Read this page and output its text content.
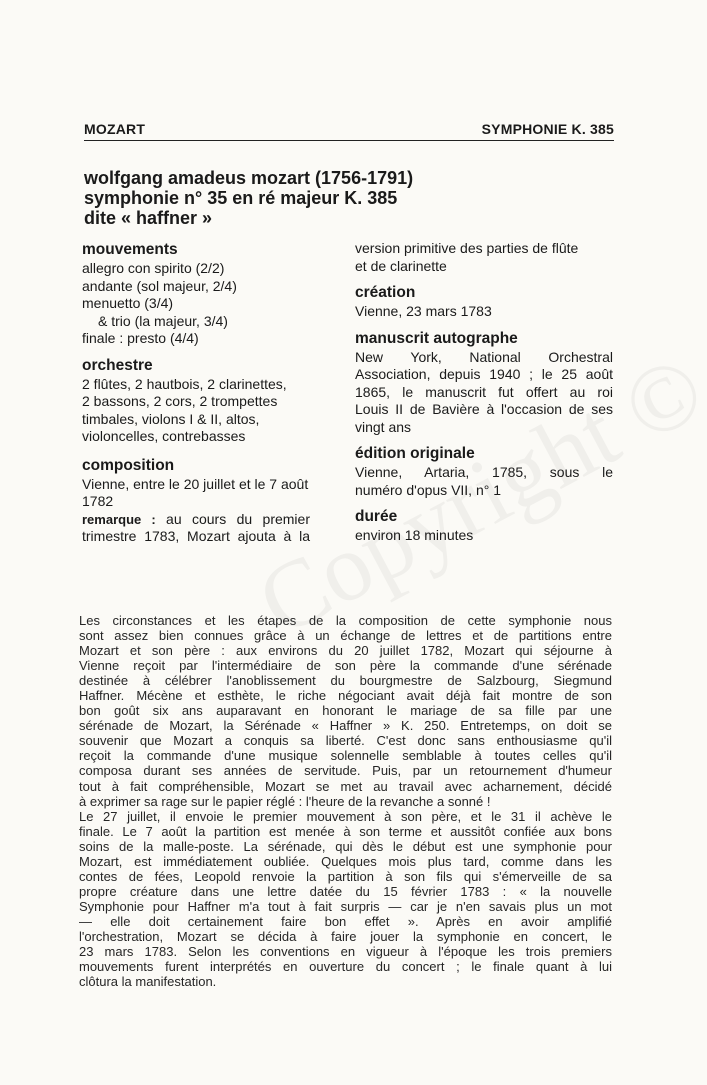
MOZART	SYMPHONIE K. 385
wolfgang amadeus mozart (1756-1791)
symphonie n° 35 en ré majeur K. 385
dite « haffner »
mouvements
allegro con spirito (2/2)
andante (sol majeur, 2/4)
menuetto (3/4)
& trio (la majeur, 3/4)
finale : presto (4/4)
orchestre
2 flûtes, 2 hautbois, 2 clarinettes,
2 bassons, 2 cors, 2 trompettes
timbales, violons I & II, altos,
violoncelles, contrebasses
composition
Vienne, entre le 20 juillet et le 7 août
1782
remarque : au cours du premier
trimestre 1783, Mozart ajouta à la
version primitive des parties de flûte
et de clarinette
création
Vienne, 23 mars 1783
manuscrit autographe
New York, National Orchestral
Association, depuis 1940 ; le 25 août
1865, le manuscrit fut offert au roi
Louis II de Bavière à l'occasion de ses
vingt ans
édition originale
Vienne, Artaria, 1785, sous le
numéro d'opus VII, n° 1
durée
environ 18 minutes
Les circonstances et les étapes de la composition de cette symphonie nous
sont assez bien connues grâce à un échange de lettres et de partitions entre
Mozart et son père : aux environs du 20 juillet 1782, Mozart qui séjourne à
Vienne reçoit par l'intermédiaire de son père la commande d'une sérénade
destinée à célébrer l'anoblissement du bourgmestre de Salzbourg, Siegmund
Haffner. Mécène et esthète, le riche négociant avait déjà fait montre de son
bon goût six ans auparavant en honorant le mariage de sa fille par une
sérénade de Mozart, la Sérénade « Haffner » K. 250. Entretemps, on doit se
souvenir que Mozart a conquis sa liberté. C'est donc sans enthousiasme qu'il
reçoit la commande d'une musique solennelle semblable à toutes celles qu'il
composa durant ses années de servitude. Puis, par un retournement d'humeur
tout à fait compréhensible, Mozart se met au travail avec acharnement, décidé
à exprimer sa rage sur le papier réglé : l'heure de la revanche a sonné !
Le 27 juillet, il envoie le premier mouvement à son père, et le 31 il achève le
finale. Le 7 août la partition est menée à son terme et aussitôt confiée aux bons
soins de la malle-poste. La sérénade, qui dès le début est une symphonie pour
Mozart, est immédiatement oubliée. Quelques mois plus tard, comme dans les
contes de fées, Leopold renvoie la partition à son fils qui s'émerveille de sa
propre créature dans une lettre datée du 15 février 1783 : « la nouvelle
Symphonie pour Haffner m'a tout à fait surpris — car je n'en savais plus un mot
— elle doit certainement faire bon effet ». Après en avoir amplifié
l'orchestration, Mozart se décida à faire jouer la symphonie en concert, le
23 mars 1783. Selon les conventions en vigueur à l'époque les trois premiers
mouvements furent interprétés en ouverture du concert ; le finale quant à lui
clôtura la manifestation.
